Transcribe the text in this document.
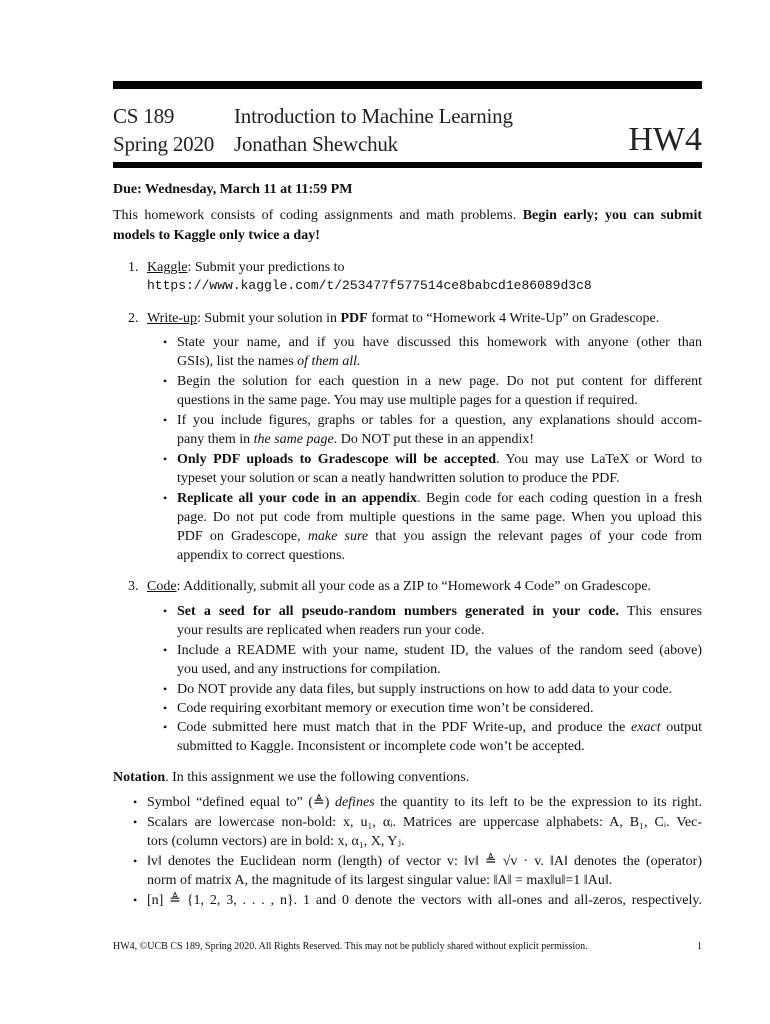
CS 189
Spring 2020
Introduction to Machine Learning
Jonathan Shewchuk	HW4
Due: Wednesday, March 11 at 11:59 PM
This homework consists of coding assignments and math problems. Begin early; you can submit
models to Kaggle only twice a day!
1. Kaggle: Submit your predictions to
https://www.kaggle.com/t/253477f577514ce8babcd1e86089d3c8
2. Write-up: Submit your solution in PDF format to “Homework 4 Write-Up” on Gradescope.
• State your name, and if you have discussed this homework with anyone (other than
GSIs), list the names of them all.
• Begin the solution for each question in a new page. Do not put content for different
questions in the same page. You may use multiple pages for a question if required.
• If you include figures, graphs or tables for a question, any explanations should accom-
pany them in the same page. Do NOT put these in an appendix!
• Only PDF uploads to Gradescope will be accepted. You may use LaTeX or Word to
typeset your solution or scan a neatly handwritten solution to produce the PDF.
• Replicate all your code in an appendix. Begin code for each coding question in a fresh
page. Do not put code from multiple questions in the same page. When you upload this
PDF on Gradescope, make sure that you assign the relevant pages of your code from
appendix to correct questions.
3. Code: Additionally, submit all your code as a ZIP to “Homework 4 Code” on Gradescope.
• Set a seed for all pseudo-random numbers generated in your code. This ensures
your results are replicated when readers run your code.
• Include a README with your name, student ID, the values of the random seed (above)
you used, and any instructions for compilation.
• Do NOT provide any data files, but supply instructions on how to add data to your code.
• Code requiring exorbitant memory or execution time won’t be considered.
• Code submitted here must match that in the PDF Write-up, and produce the exact output
submitted to Kaggle. Inconsistent or incomplete code won’t be accepted.
Notation. In this assignment we use the following conventions.
• Symbol “defined equal to” (≜) defines the quantity to its left to be the expression to its right.
• Scalars are lowercase non-bold: x, u₁, αᵢ. Matrices are uppercase alphabets: A, B₁, Cᵢ. Vec-
tors (column vectors) are in bold: x, α₁, X, Yⱼ.
• ‖v‖ denotes the Euclidean norm (length) of vector v: ‖v‖ ≜ √v · v. ‖A‖ denotes the (operator)
norm of matrix A, the magnitude of its largest singular value: ‖A‖ = max‖u‖=1 ‖Au‖.
• [n] ≜ {1, 2, 3, . . . , n}. 1 and 0 denote the vectors with all-ones and all-zeros, respectively.
HW4, ©UCB CS 189, Spring 2020. All Rights Reserved. This may not be publicly shared without explicit permission.	1
